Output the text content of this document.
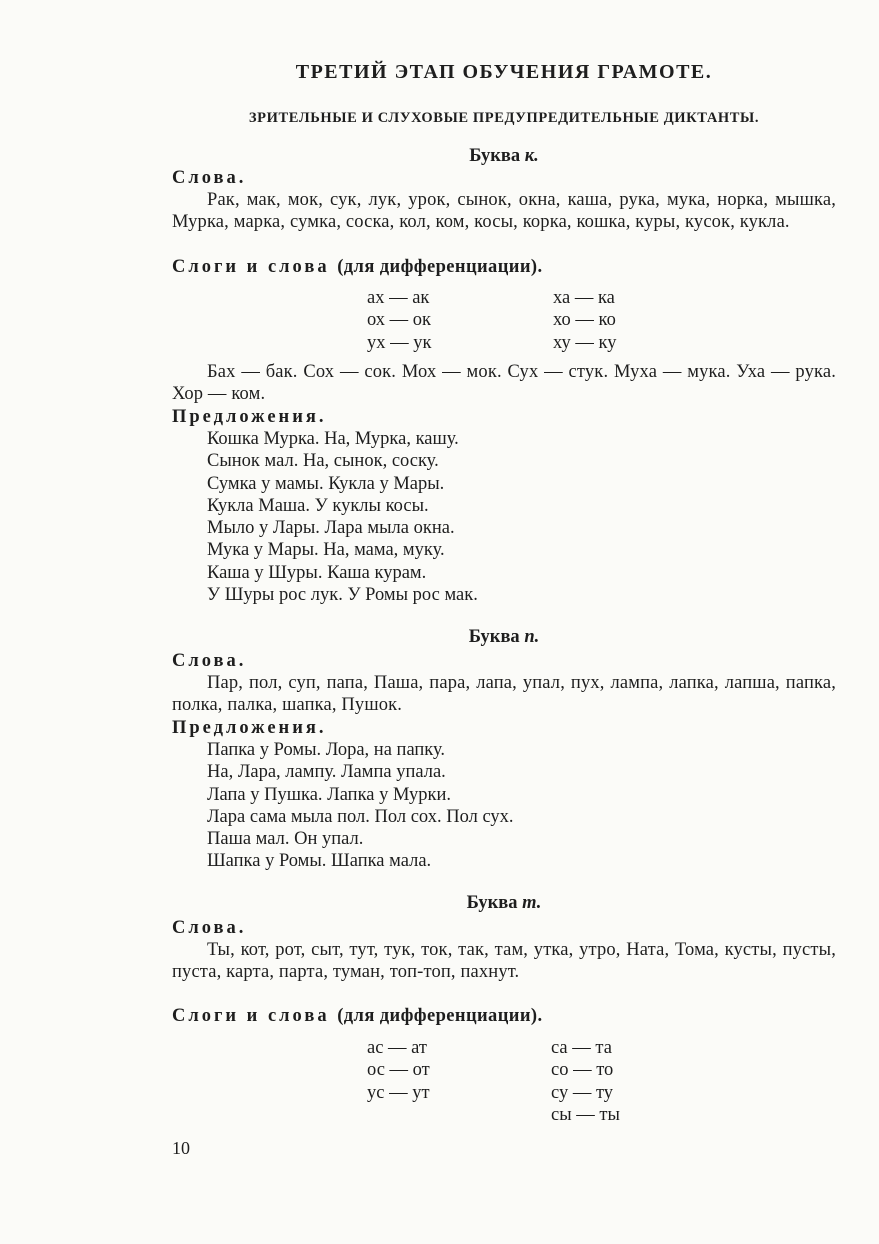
ТРЕТИЙ ЭТАП ОБУЧЕНИЯ ГРАМОТЕ.
ЗРИТЕЛЬНЫЕ И СЛУХОВЫЕ ПРЕДУПРЕДИТЕЛЬНЫЕ ДИКТАНТЫ.
Буква к.
Слова.
Рак, мак, мок, сук, лук, урок, сынок, окна, каша, рука, мука, норка, мышка, Мурка, марка, сумка, соска, кол, ком, косы, корка, кошка, куры, кусок, кукла.
Слоги и слова (для дифференциации).
ах — ак
ох — ок
ух — ук
ха — ка
хо — ко
ху — ку
Бах — бак. Сох — сок. Мох — мок. Сух — стук. Муха — мука. Уха — рука. Хор — ком.
Предложения.
Кошка Мурка. На, Мурка, кашу.
Сынок мал. На, сынок, соску.
Сумка у мамы. Кукла у Мары.
Кукла Маша. У куклы косы.
Мыло у Лары. Лара мыла окна.
Мука у Мары. На, мама, муку.
Каша у Шуры. Каша курам.
У Шуры рос лук. У Ромы рос мак.
Буква п.
Слова.
Пар, пол, суп, папа, Паша, пара, лапа, упал, пух, лампа, лапка, лапша, папка, полка, палка, шапка, Пушок.
Предложения.
Папка у Ромы. Лора, на папку.
На, Лара, лампу. Лампа упала.
Лапа у Пушка. Лапка у Мурки.
Лара сама мыла пол. Пол сох. Пол сух.
Паша мал. Он упал.
Шапка у Ромы. Шапка мала.
Буква т.
Слова.
Ты, кот, рот, сыт, тут, тук, ток, так, там, утка, утро, Ната, Тома, кусты, пусты, пуста, карта, парта, туман, топ-топ, пахнут.
Слоги и слова (для дифференциации).
ас — ат
ос — от
ус — ут
са — та
со — то
су — ту
сы — ты
10
